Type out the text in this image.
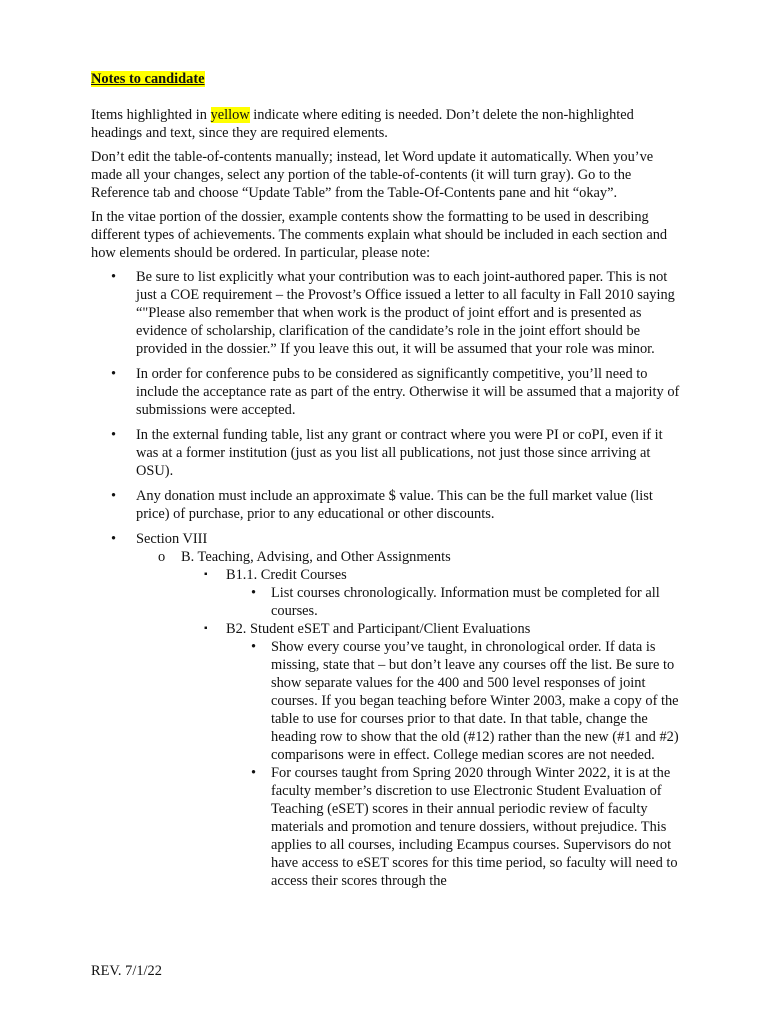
Notes to candidate

Items highlighted in yellow indicate where editing is needed. Don’t delete the non-highlighted headings and text, since they are required elements.

Don’t edit the table-of-contents manually; instead, let Word update it automatically. When you’ve made all your changes, select any portion of the table-of-contents (it will turn gray). Go to the Reference tab and choose “Update Table” from the Table-Of-Contents pane and hit “okay”.

In the vitae portion of the dossier, example contents show the formatting to be used in describing different types of achievements. The comments explain what should be included in each section and how elements should be ordered. In particular, please note:

• Be sure to list explicitly what your contribution was to each joint-authored paper. This is not just a COE requirement – the Provost’s Office issued a letter to all faculty in Fall 2010 saying “"Please also remember that when work is the product of joint effort and is presented as evidence of scholarship, clarification of the candidate’s role in the joint effort should be provided in the dossier.” If you leave this out, it will be assumed that your role was minor.
• In order for conference pubs to be considered as significantly competitive, you’ll need to include the acceptance rate as part of the entry. Otherwise it will be assumed that a majority of submissions were accepted.
• In the external funding table, list any grant or contract where you were PI or coPI, even if it was at a former institution (just as you list all publications, not just those since arriving at OSU).
• Any donation must include an approximate $ value. This can be the full market value (list price) of purchase, prior to any educational or other discounts.
• Section VIII
o B. Teaching, Advising, and Other Assignments
▪ B1.1. Credit Courses
• List courses chronologically. Information must be completed for all courses.
▪ B2. Student eSET and Participant/Client Evaluations
• Show every course you’ve taught, in chronological order. If data is missing, state that – but don’t leave any courses off the list. Be sure to show separate values for the 400 and 500 level responses of joint courses. If you began teaching before Winter 2003, make a copy of the table to use for courses prior to that date. In that table, change the heading row to show that the old (#12) rather than the new (#1 and #2) comparisons were in effect. College median scores are not needed.
• For courses taught from Spring 2020 through Winter 2022, it is at the faculty member’s discretion to use Electronic Student Evaluation of Teaching (eSET) scores in their annual periodic review of faculty materials and promotion and tenure dossiers, without prejudice. This applies to all courses, including Ecampus courses. Supervisors do not have access to eSET scores for this time period, so faculty will need to access their scores through the
REV. 7/1/22
